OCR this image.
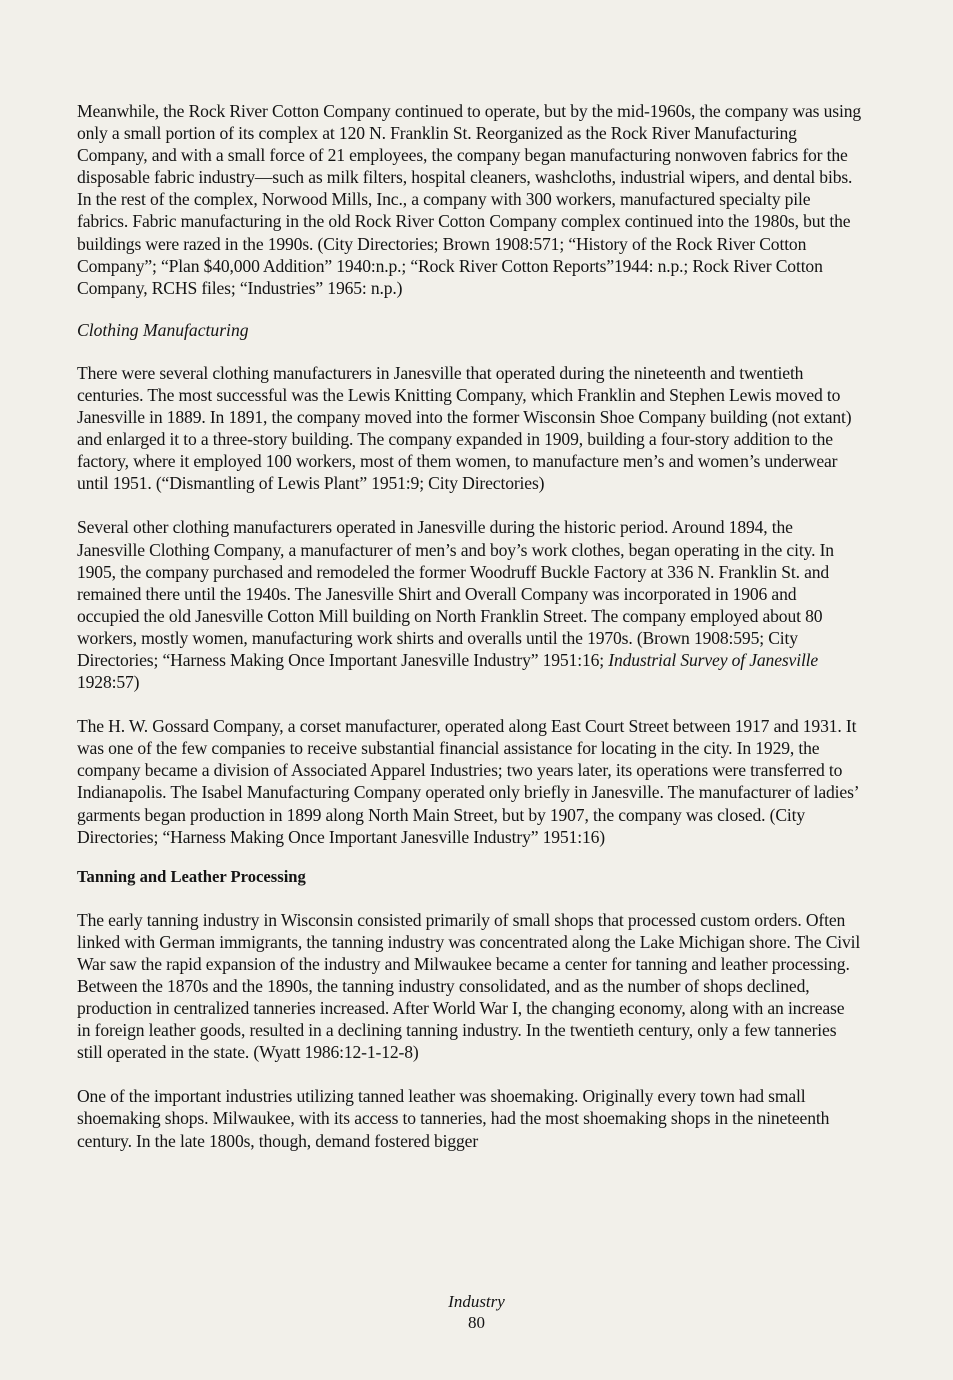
Meanwhile, the Rock River Cotton Company continued to operate, but by the mid-1960s, the company was using only a small portion of its complex at 120 N. Franklin St. Reorganized as the Rock River Manufacturing Company, and with a small force of 21 employees, the company began manufacturing nonwoven fabrics for the disposable fabric industry—such as milk filters, hospital cleaners, washcloths, industrial wipers, and dental bibs. In the rest of the complex, Norwood Mills, Inc., a company with 300 workers, manufactured specialty pile fabrics. Fabric manufacturing in the old Rock River Cotton Company complex continued into the 1980s, but the buildings were razed in the 1990s. (City Directories; Brown 1908:571; “History of the Rock River Cotton Company”; “Plan $40,000 Addition” 1940:n.p.; “Rock River Cotton Reports”1944: n.p.; Rock River Cotton Company, RCHS files; “Industries” 1965: n.p.)

Clothing Manufacturing

There were several clothing manufacturers in Janesville that operated during the nineteenth and twentieth centuries. The most successful was the Lewis Knitting Company, which Franklin and Stephen Lewis moved to Janesville in 1889. In 1891, the company moved into the former Wisconsin Shoe Company building (not extant) and enlarged it to a three-story building. The company expanded in 1909, building a four-story addition to the factory, where it employed 100 workers, most of them women, to manufacture men’s and women’s underwear until 1951. (“Dismantling of Lewis Plant” 1951:9; City Directories)

Several other clothing manufacturers operated in Janesville during the historic period. Around 1894, the Janesville Clothing Company, a manufacturer of men’s and boy’s work clothes, began operating in the city. In 1905, the company purchased and remodeled the former Woodruff Buckle Factory at 336 N. Franklin St. and remained there until the 1940s. The Janesville Shirt and Overall Company was incorporated in 1906 and occupied the old Janesville Cotton Mill building on North Franklin Street. The company employed about 80 workers, mostly women, manufacturing work shirts and overalls until the 1970s. (Brown 1908:595; City Directories; “Harness Making Once Important Janesville Industry” 1951:16; Industrial Survey of Janesville 1928:57)

The H. W. Gossard Company, a corset manufacturer, operated along East Court Street between 1917 and 1931. It was one of the few companies to receive substantial financial assistance for locating in the city. In 1929, the company became a division of Associated Apparel Industries; two years later, its operations were transferred to Indianapolis. The Isabel Manufacturing Company operated only briefly in Janesville. The manufacturer of ladies’ garments began production in 1899 along North Main Street, but by 1907, the company was closed. (City Directories; “Harness Making Once Important Janesville Industry” 1951:16)

Tanning and Leather Processing

The early tanning industry in Wisconsin consisted primarily of small shops that processed custom orders. Often linked with German immigrants, the tanning industry was concentrated along the Lake Michigan shore. The Civil War saw the rapid expansion of the industry and Milwaukee became a center for tanning and leather processing. Between the 1870s and the 1890s, the tanning industry consolidated, and as the number of shops declined, production in centralized tanneries increased. After World War I, the changing economy, along with an increase in foreign leather goods, resulted in a declining tanning industry. In the twentieth century, only a few tanneries still operated in the state. (Wyatt 1986:12-1-12-8)

One of the important industries utilizing tanned leather was shoemaking. Originally every town had small shoemaking shops. Milwaukee, with its access to tanneries, had the most shoemaking shops in the nineteenth century. In the late 1800s, though, demand fostered bigger

Industry
80
